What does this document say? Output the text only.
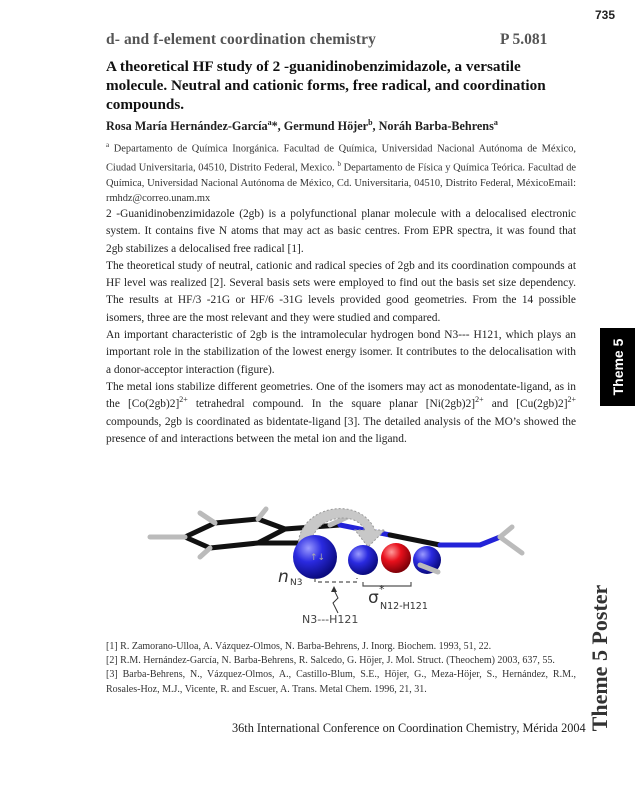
735
d- and f-element coordination chemistry	P 5.081
A theoretical HF study of 2 -guanidinobenzimidazole, a versatile molecule. Neutral and cationic forms, free radical, and coordination compounds.
Rosa María Hernández-García$^a$*, Germund Höjer$^b$, Noráh Barba-Behrens$^a$
$^a$ Departamento de Química Inorgánica. Facultad de Química, Universidad Nacional Autónoma de México, Ciudad Universitaria, 04510, Distrito Federal, Mexico. $^b$ Departamento de Física y Química Teórica. Facultad de Química, Universidad Nacional Autónoma de México, Cd. Universitaria, 04510, Distrito Federal, MéxicoEmail: rmhdz@correo.unam.mx

2 -Guanidinobenzimidazole (2gb) is a polyfunctional planar molecule with a delocalised electronic system. It contains five N atoms that may act as basic centres. From EPR spectra, it was found that 2gb stabilizes a delocalised free radical [1].

The theoretical study of neutral, cationic and radical species of 2gb and its coordination compounds at HF level was realized [2]. Several basis sets were employed to find out the basis set size dependency. The results at HF/3 -21G or HF/6 -31G levels provided good geometries. From the 14 possible isomers, three are the most relevant and they were studied and compared.

An important characteristic of 2gb is the intramolecular hydrogen bond N3--- H121, which plays an important role in the stabilization of the lowest energy isomer. It contributes to the delocalisation with a donor-acceptor interaction (figure).

The metal ions stabilize different geometries. One of the isomers may act as monodentate-ligand, as in the $[Co(2gb)2]^{2+}$ tetrahedral compound. In the square planar $[Ni(2gb)2]^{2+}$ and $[Cu(2gb)2]^{2+}$ compounds, 2gb is coordinated as bidentate-ligand [3]. The detailed analysis of the MO’s showed the presence of and interactions between the metal ion and the ligand.

↑↓
n N3
σ *
N12-H121
N3---H121

[1] R. Zamorano-Ulloa, A. Vázquez-Olmos, N. Barba-Behrens, J. Inorg. Biochem. 1993, 51, 22.

[2] R.M. Hernández-García, N. Barba-Behrens, R. Salcedo, G. Höjer, J. Mol. Struct. (Theochem) 2003, 637, 55.

[3] Barba-Behrens, N., Vázquez-Olmos, A., Castillo-Blum, S.E., Höjer, G., Meza-Höjer, S., Hernández, R.M., Rosales-Hoz, M.J., Vicente, R. and Escuer, A. Trans. Metal Chem. 1996, 21, 31.

36th International Conference on Coordination Chemistry, Mérida 2004
Theme 5
Theme 5 Poster
